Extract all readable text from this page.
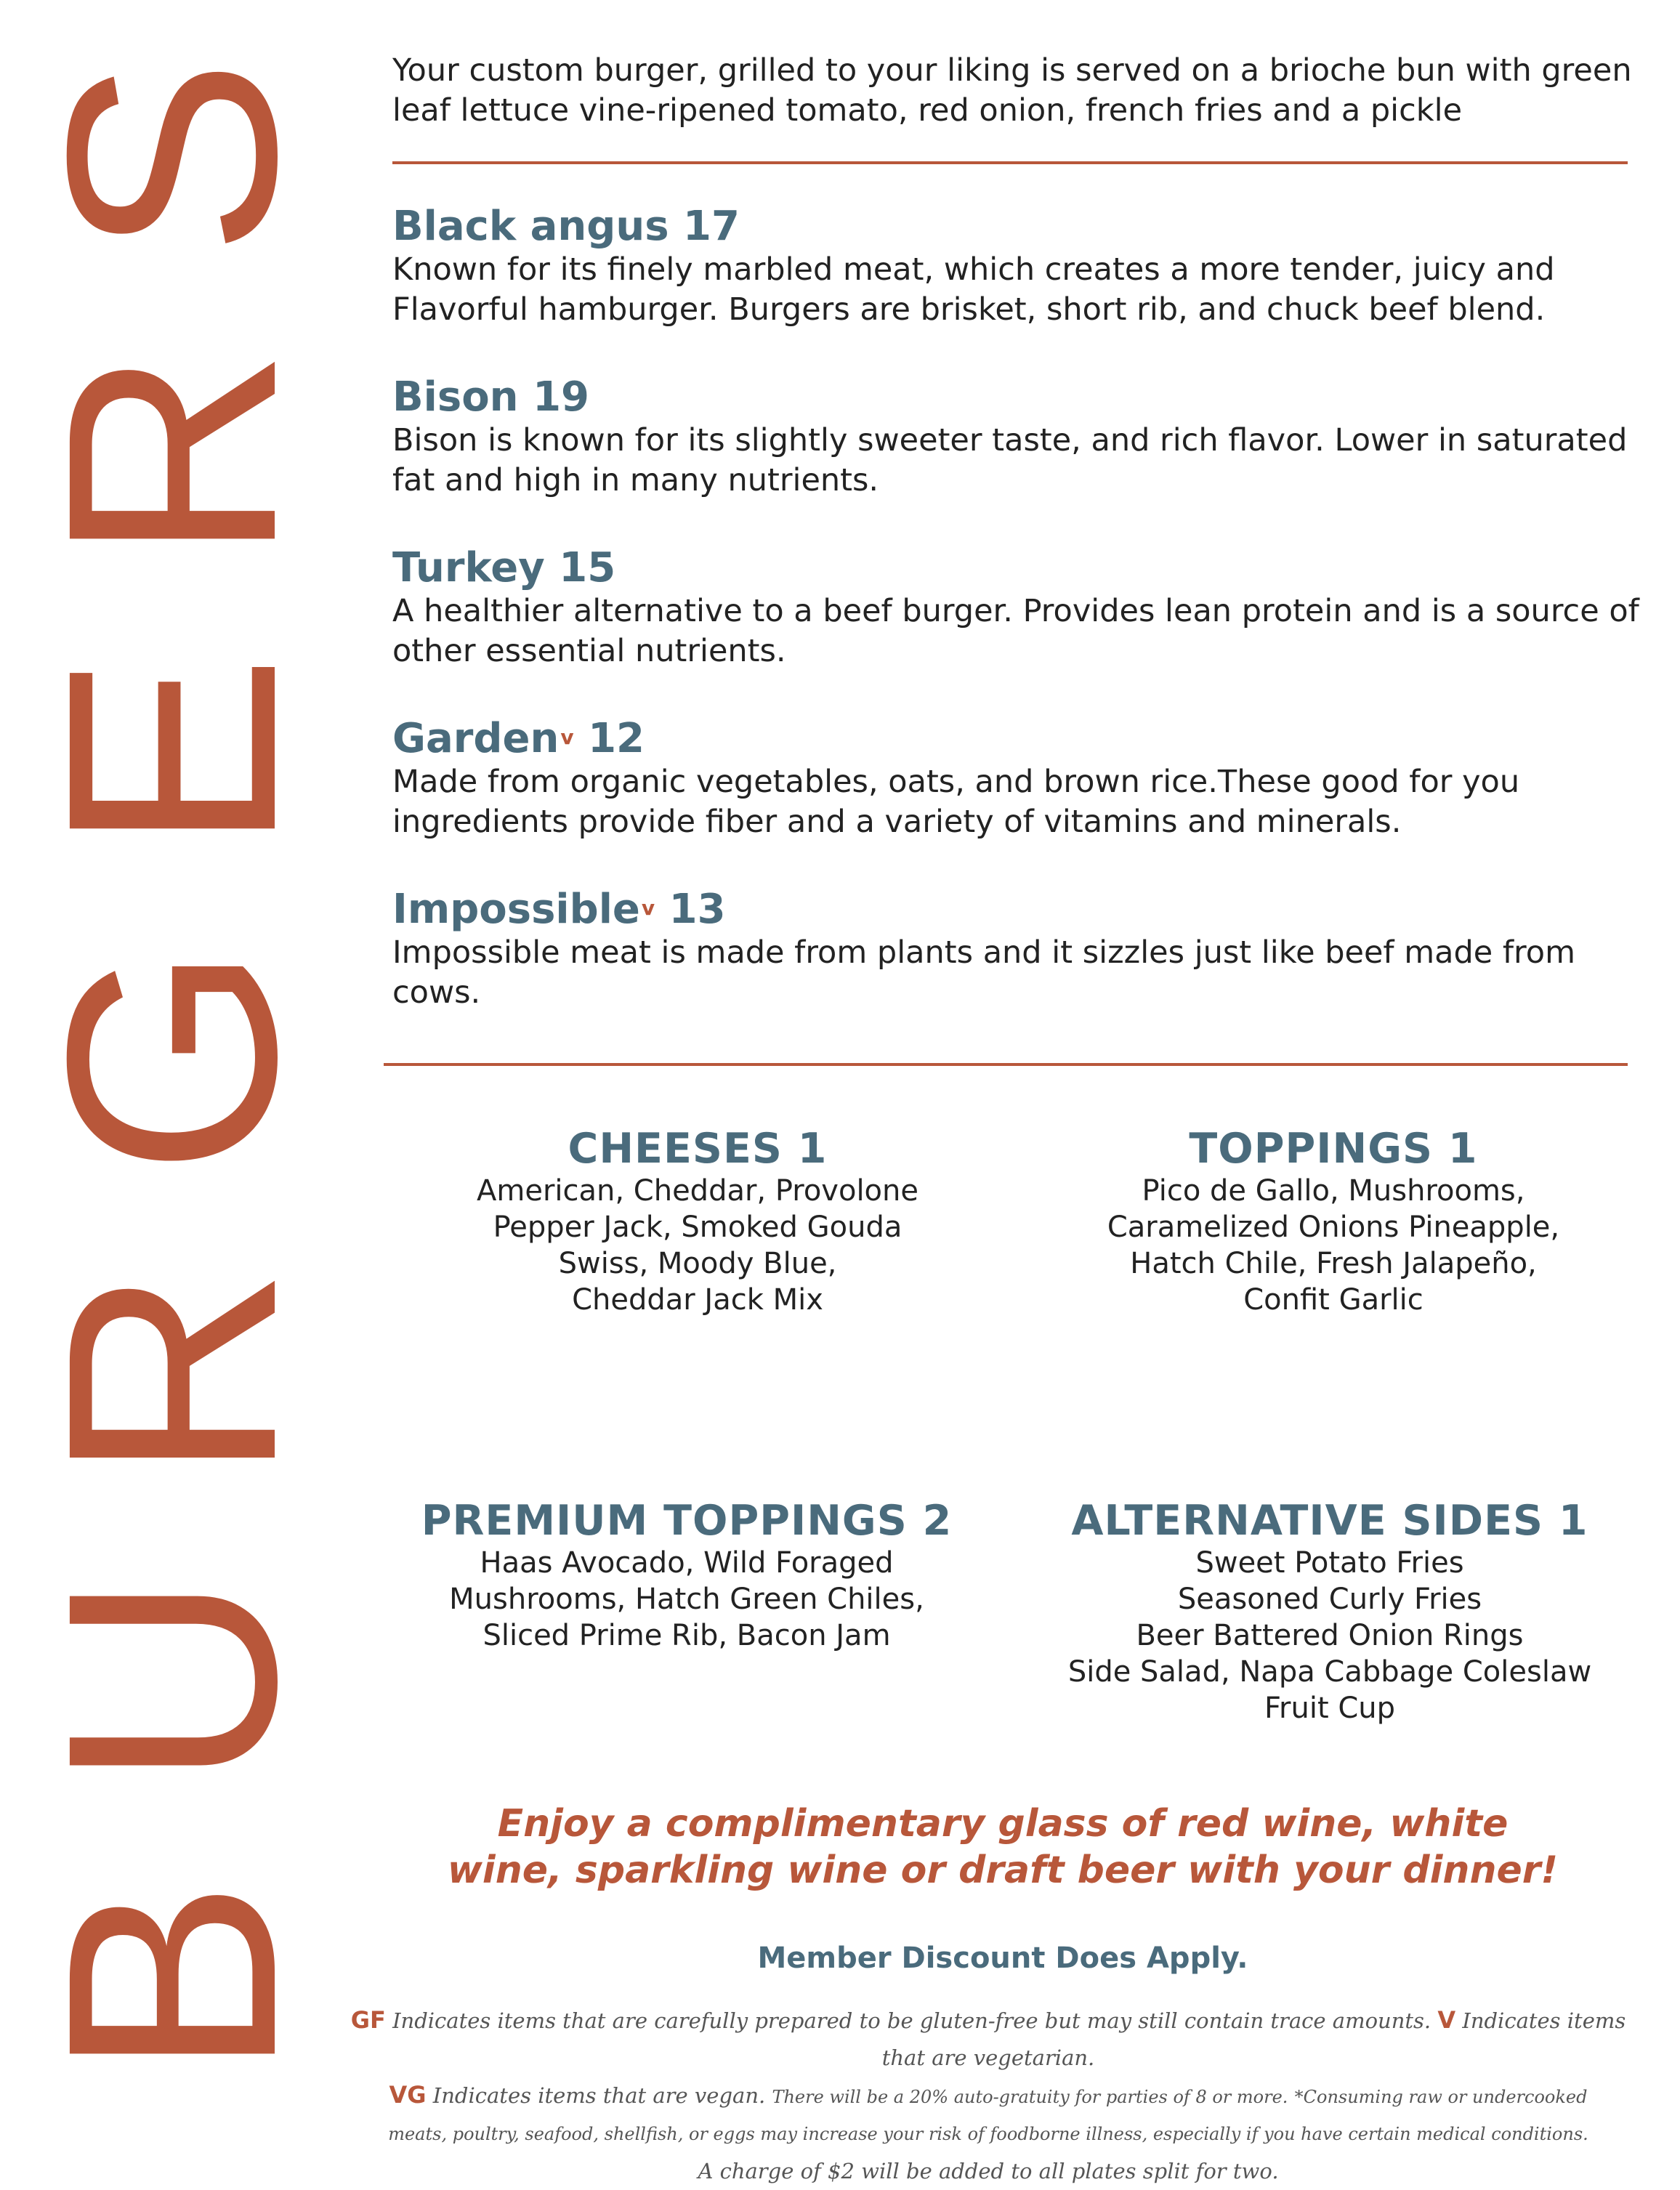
BURGERS Your custom burger, grilled to your liking is served on a brioche bun with green leaf lettuce vine-ripened tomato, red onion, french fries and a pickle

Black angus 17
Known for its finely marbled meat, which creates a more tender, juicy and Flavorful hamburger. Burgers are brisket, short rib, and chuck beef blend.
Bison 19
Bison is known for its slightly sweeter taste, and rich flavor. Lower in saturated fat and high in many nutrients.
Turkey 15
A healthier alternative to a beef burger. Provides lean protein and is a source of other essential nutrients.
Garden$^v$ 12
Made from organic vegetables, oats, and brown rice.These good for you ingredients provide fiber and a variety of vitamins and minerals.
Impossible$^v$ 13
Impossible meat is made from plants and it sizzles just like beef made from cows.
CHEESES 1
American, Cheddar, Provolone
Pepper Jack, Smoked Gouda
Swiss, Moody Blue,
Cheddar Jack Mix
TOPPINGS 1
Pico de Gallo, Mushrooms,
Caramelized Onions Pineapple,
Hatch Chile, Fresh Jalapeño,
Confit Garlic
PREMIUM TOPPINGS 2
Haas Avocado, Wild Foraged
Mushrooms, Hatch Green Chiles,
Sliced Prime Rib, Bacon Jam
ALTERNATIVE SIDES 1
Sweet Potato Fries
Seasoned Curly Fries
Beer Battered Onion Rings
Side Salad, Napa Cabbage Coleslaw
Fruit Cup
Enjoy a complimentary glass of red wine, white
wine, sparkling wine or draft beer with your dinner!
Member Discount Does Apply.
GF Indicates items that are carefully prepared to be gluten-free but may still contain trace amounts. V Indicates items that are vegetarian.
VG Indicates items that are vegan. There will be a 20% auto-gratuity for parties of 8 or more. *Consuming raw or undercooked
meats, poultry, seafood, shellfish, or eggs may increase your risk of foodborne illness, especially if you have certain medical conditions.
A charge of $2 will be added to all plates split for two.
